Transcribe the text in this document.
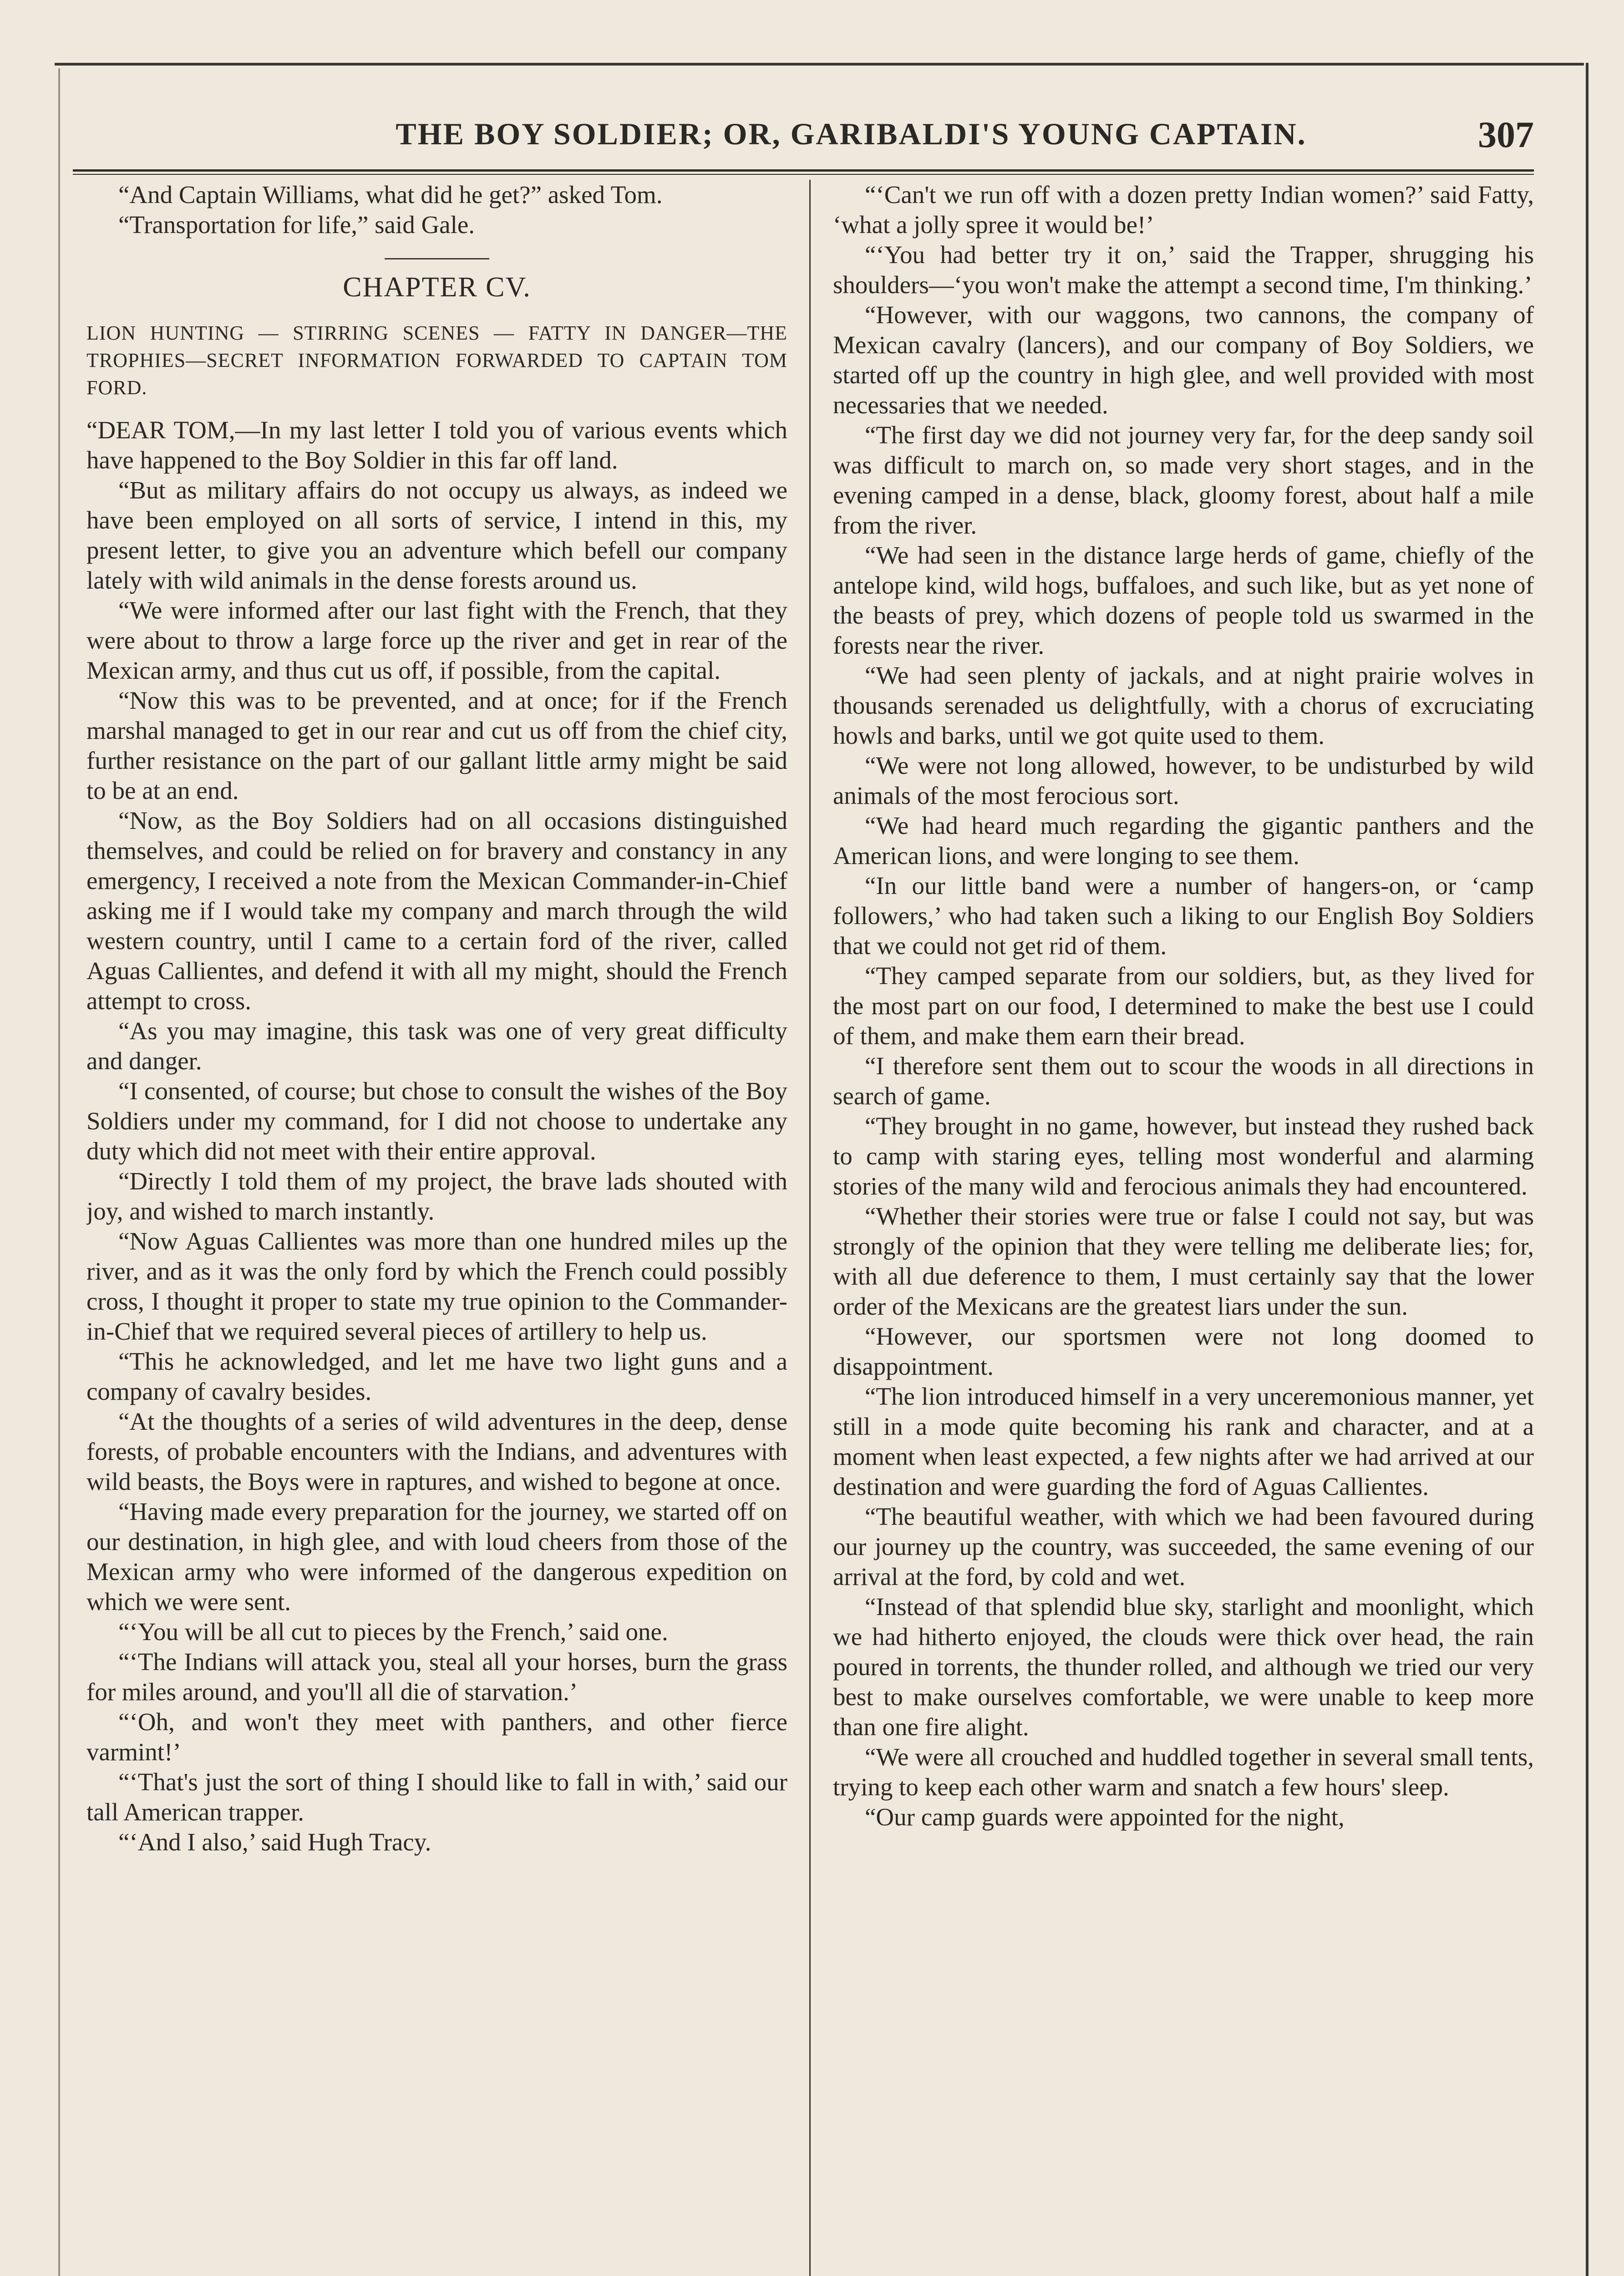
THE BOY SOLDIER; OR, GARIBALDI'S YOUNG CAPTAIN.	307

“And Captain Williams, what did he get?” asked Tom.

“Transportation for life,” said Gale.

CHAPTER CV.
LION HUNTING — STIRRING SCENES — FATTY IN DANGER—THE TROPHIES—SECRET INFORMATION FORWARDED TO CAPTAIN TOM FORD.

“DEAR TOM,—In my last letter I told you of various events which have happened to the Boy Soldier in this far off land.

“But as military affairs do not occupy us always, as indeed we have been employed on all sorts of service, I intend in this, my present letter, to give you an adventure which befell our company lately with wild animals in the dense forests around us.

“We were informed after our last fight with the French, that they were about to throw a large force up the river and get in rear of the Mexican army, and thus cut us off, if possible, from the capital.

“Now this was to be prevented, and at once; for if the French marshal managed to get in our rear and cut us off from the chief city, further resistance on the part of our gallant little army might be said to be at an end.

“Now, as the Boy Soldiers had on all occasions distinguished themselves, and could be relied on for bravery and constancy in any emergency, I received a note from the Mexican Commander-in-Chief asking me if I would take my company and march through the wild western country, until I came to a certain ford of the river, called Aguas Callientes, and defend it with all my might, should the French attempt to cross.

“As you may imagine, this task was one of very great difficulty and danger.

“I consented, of course; but chose to consult the wishes of the Boy Soldiers under my command, for I did not choose to undertake any duty which did not meet with their entire approval.

“Directly I told them of my project, the brave lads shouted with joy, and wished to march instantly.

“Now Aguas Callientes was more than one hundred miles up the river, and as it was the only ford by which the French could possibly cross, I thought it proper to state my true opinion to the Commander-in-Chief that we required several pieces of artillery to help us.

“This he acknowledged, and let me have two light guns and a company of cavalry besides.

“At the thoughts of a series of wild adventures in the deep, dense forests, of probable encounters with the Indians, and adventures with wild beasts, the Boys were in raptures, and wished to begone at once.

“Having made every preparation for the journey, we started off on our destination, in high glee, and with loud cheers from those of the Mexican army who were informed of the dangerous expedition on which we were sent.

“‘You will be all cut to pieces by the French,’ said one.

“‘The Indians will attack you, steal all your horses, burn the grass for miles around, and you'll all die of starvation.’

“‘Oh, and won't they meet with panthers, and other fierce varmint!’

“‘That's just the sort of thing I should like to fall in with,’ said our tall American trapper.

“‘And I also,’ said Hugh Tracy.

“‘Can't we run off with a dozen pretty Indian women?’ said Fatty, ‘what a jolly spree it would be!’

“‘You had better try it on,’ said the Trapper, shrugging his shoulders—‘you won't make the attempt a second time, I'm thinking.’

“However, with our waggons, two cannons, the company of Mexican cavalry (lancers), and our company of Boy Soldiers, we started off up the country in high glee, and well provided with most necessaries that we needed.

“The first day we did not journey very far, for the deep sandy soil was difficult to march on, so made very short stages, and in the evening camped in a dense, black, gloomy forest, about half a mile from the river.

“We had seen in the distance large herds of game, chiefly of the antelope kind, wild hogs, buffaloes, and such like, but as yet none of the beasts of prey, which dozens of people told us swarmed in the forests near the river.

“We had seen plenty of jackals, and at night prairie wolves in thousands serenaded us delightfully, with a chorus of excruciating howls and barks, until we got quite used to them.

“We were not long allowed, however, to be undisturbed by wild animals of the most ferocious sort.

“We had heard much regarding the gigantic panthers and the American lions, and were longing to see them.

“In our little band were a number of hangers-on, or ‘camp followers,’ who had taken such a liking to our English Boy Soldiers that we could not get rid of them.

“They camped separate from our soldiers, but, as they lived for the most part on our food, I determined to make the best use I could of them, and make them earn their bread.

“I therefore sent them out to scour the woods in all directions in search of game.

“They brought in no game, however, but instead they rushed back to camp with staring eyes, telling most wonderful and alarming stories of the many wild and ferocious animals they had encountered.

“Whether their stories were true or false I could not say, but was strongly of the opinion that they were telling me deliberate lies; for, with all due deference to them, I must certainly say that the lower order of the Mexicans are the greatest liars under the sun.

“However, our sportsmen were not long doomed to disappointment.

“The lion introduced himself in a very unceremonious manner, yet still in a mode quite becoming his rank and character, and at a moment when least expected, a few nights after we had arrived at our destination and were guarding the ford of Aguas Callientes.

“The beautiful weather, with which we had been favoured during our journey up the country, was succeeded, the same evening of our arrival at the ford, by cold and wet.

“Instead of that splendid blue sky, starlight and moonlight, which we had hitherto enjoyed, the clouds were thick over head, the rain poured in torrents, the thunder rolled, and although we tried our very best to make ourselves comfortable, we were unable to keep more than one fire alight.

“We were all crouched and huddled together in several small tents, trying to keep each other warm and snatch a few hours' sleep.

“Our camp guards were appointed for the night,
